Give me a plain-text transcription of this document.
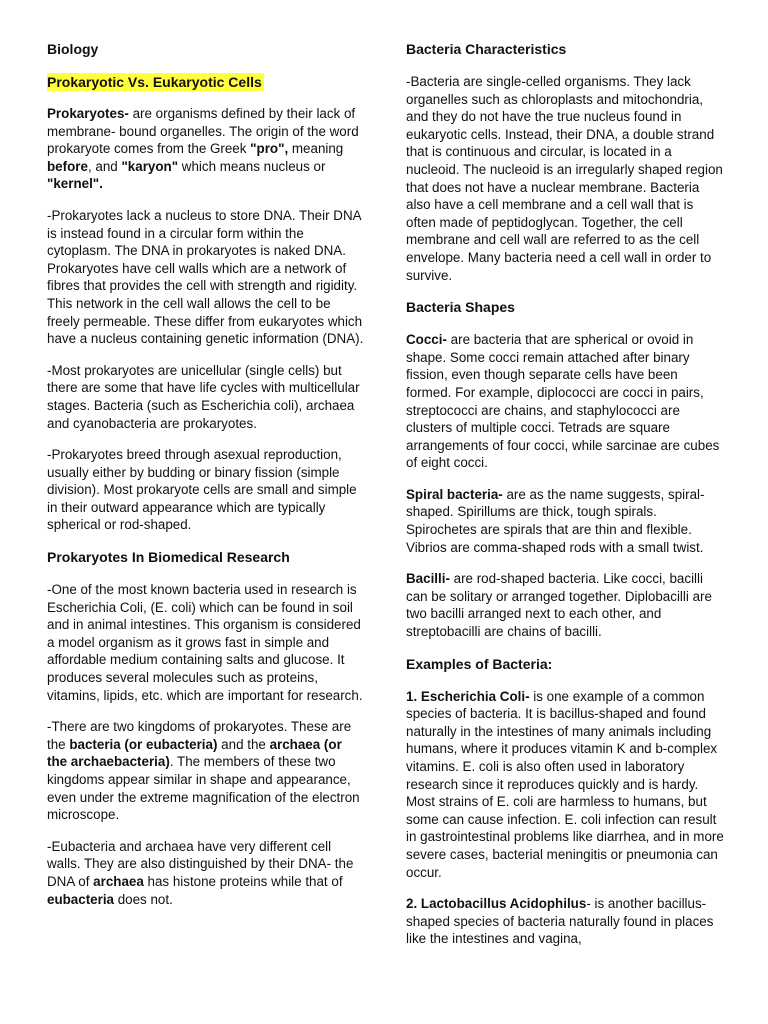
Biology
Prokaryotic Vs. Eukaryotic Cells

Prokaryotes- are organisms defined by their lack of membrane- bound organelles. The origin of the word prokaryote comes from the Greek "pro", meaning before, and "karyon" which means nucleus or "kernel".

-Prokaryotes lack a nucleus to store DNA. Their DNA is instead found in a circular form within the cytoplasm. The DNA in prokaryotes is naked DNA. Prokaryotes have cell walls which are a network of fibres that provides the cell with strength and rigidity. This network in the cell wall allows the cell to be freely permeable. These differ from eukaryotes which have a nucleus containing genetic information (DNA).

-Most prokaryotes are unicellular (single cells) but there are some that have life cycles with multicellular stages. Bacteria (such as Escherichia coli), archaea and cyanobacteria are prokaryotes.

-Prokaryotes breed through asexual reproduction, usually either by budding or binary fission (simple division). Most prokaryote cells are small and simple in their outward appearance which are typically spherical or rod-shaped.

Prokaryotes In Biomedical Research

-One of the most known bacteria used in research is Escherichia Coli, (E. coli) which can be found in soil and in animal intestines. This organism is considered a model organism as it grows fast in simple and affordable medium containing salts and glucose. It produces several molecules such as proteins, vitamins, lipids, etc. which are important for research.

-There are two kingdoms of prokaryotes. These are the bacteria (or eubacteria) and the archaea (or the archaebacteria). The members of these two kingdoms appear similar in shape and appearance, even under the extreme magnification of the electron microscope.

-Eubacteria and archaea have very different cell walls. They are also distinguished by their DNA- the DNA of archaea has histone proteins while that of eubacteria does not.

Bacteria Characteristics

-Bacteria are single-celled organisms. They lack organelles such as chloroplasts and mitochondria, and they do not have the true nucleus found in eukaryotic cells. Instead, their DNA, a double strand that is continuous and circular, is located in a nucleoid. The nucleoid is an irregularly shaped region that does not have a nuclear membrane. Bacteria also have a cell membrane and a cell wall that is often made of peptidoglycan. Together, the cell membrane and cell wall are referred to as the cell envelope. Many bacteria need a cell wall in order to survive.

Bacteria Shapes

Cocci- are bacteria that are spherical or ovoid in shape. Some cocci remain attached after binary fission, even though separate cells have been formed. For example, diplococci are cocci in pairs, streptococci are chains, and staphylococci are clusters of multiple cocci. Tetrads are square arrangements of four cocci, while sarcinae are cubes of eight cocci.

Spiral bacteria- are as the name suggests, spiral-shaped. Spirillums are thick, tough spirals. Spirochetes are spirals that are thin and flexible. Vibrios are comma-shaped rods with a small twist.

Bacilli- are rod-shaped bacteria. Like cocci, bacilli can be solitary or arranged together. Diplobacilli are two bacilli arranged next to each other, and streptobacilli are chains of bacilli.

Examples of Bacteria:

1. Escherichia Coli- is one example of a common species of bacteria. It is bacillus-shaped and found naturally in the intestines of many animals including humans, where it produces vitamin K and b-complex vitamins. E. coli is also often used in laboratory research since it reproduces quickly and is hardy. Most strains of E. coli are harmless to humans, but some can cause infection. E. coli infection can result in gastrointestinal problems like diarrhea, and in more severe cases, bacterial meningitis or pneumonia can occur.

2. Lactobacillus Acidophilus- is another bacillus-shaped species of bacteria naturally found in places like the intestines and vagina,
